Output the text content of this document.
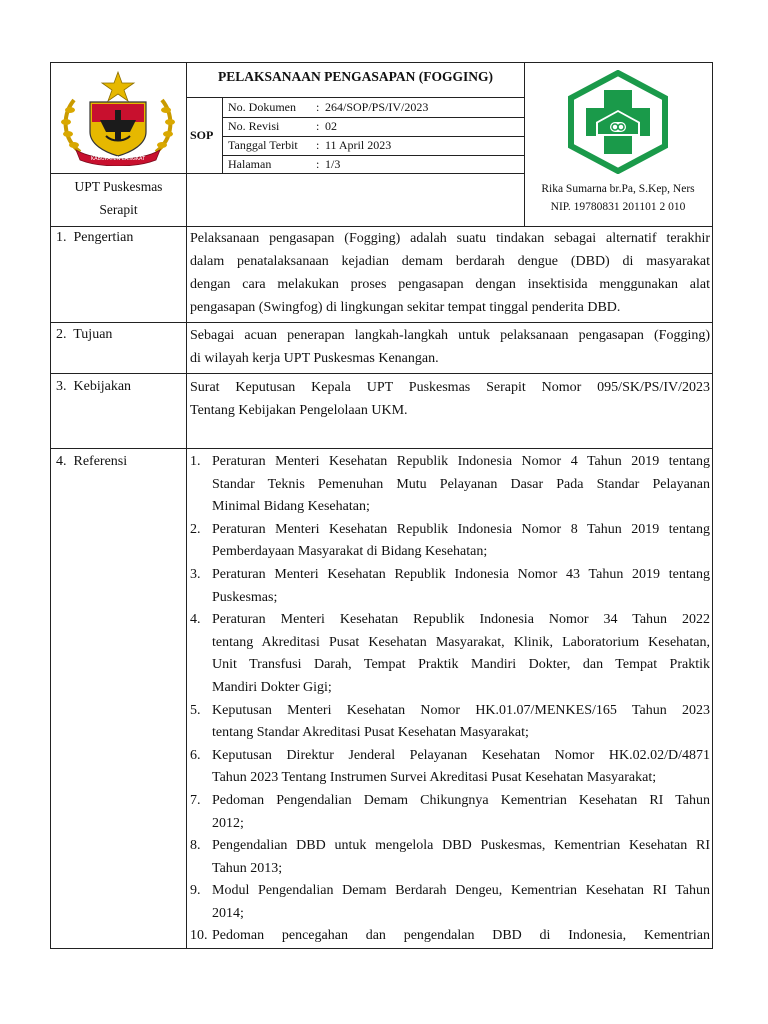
KABUPATEN LANGKAT
PELAKSANAAN PENGASAPAN (FOGGING)
SOP
No. Dokumen : 264/SOP/PS/IV/2023
No. Revisi	: 02
Tanggal Terbit : 11 April 2023
Halaman	: 1/3
UPT Puskesmas
Serapit
Rika Sumarna br.Pa, S.Kep, Ners
NIP. 19780831 201101 2 010
1.  Pengertian	Pelaksanaan pengasapan (Fogging) adalah suatu tindakan sebagai alternatif terakhir
dalam penatalaksanaan kejadian demam berdarah dengue (DBD) di masyarakat
dengan cara melakukan proses pengasapan dengan insektisida menggunakan alat
pengasapan (Swingfog) di lingkungan sekitar tempat tinggal penderita DBD.
2.  Tujuan	Sebagai acuan penerapan langkah-langkah untuk pelaksanaan pengasapan (Fogging)
di wilayah kerja UPT Puskesmas Kenangan.
3.  Kebijakan	Surat Keputusan Kepala UPT Puskesmas Serapit Nomor 095/SK/PS/IV/2023
Tentang Kebijakan Pengelolaan UKM.
4.  Referensi	1. Peraturan Menteri Kesehatan Republik Indonesia Nomor 4 Tahun 2019 tentang
Standar Teknis Pemenuhan Mutu Pelayanan Dasar Pada Standar Pelayanan
Minimal Bidang Kesehatan;
2. Peraturan Menteri Kesehatan Republik Indonesia Nomor 8 Tahun 2019 tentang
Pemberdayaan Masyarakat di Bidang Kesehatan;
3. Peraturan Menteri Kesehatan Republik Indonesia Nomor 43 Tahun 2019 tentang
Puskesmas;
4. Peraturan Menteri Kesehatan Republik Indonesia Nomor 34 Tahun 2022
tentang Akreditasi Pusat Kesehatan Masyarakat, Klinik, Laboratorium Kesehatan,
Unit Transfusi Darah, Tempat Praktik Mandiri Dokter, dan Tempat Praktik
Mandiri Dokter Gigi;
5. Keputusan Menteri Kesehatan Nomor HK.01.07/MENKES/165 Tahun 2023
tentang Standar Akreditasi Pusat Kesehatan Masyarakat;
6. Keputusan Direktur Jenderal Pelayanan Kesehatan Nomor HK.02.02/D/4871
Tahun 2023 Tentang Instrumen Survei Akreditasi Pusat Kesehatan Masyarakat;
7. Pedoman Pengendalian Demam Chikungnya Kementrian Kesehatan RI Tahun
2012;
8. Pengendalian DBD untuk mengelola DBD Puskesmas, Kementrian Kesehatan RI
Tahun 2013;
9. Modul Pengendalian Demam Berdarah Dengeu, Kementrian Kesehatan RI Tahun
2014;
10. Pedoman pencegahan dan pengendalan DBD di Indonesia, Kementrian
